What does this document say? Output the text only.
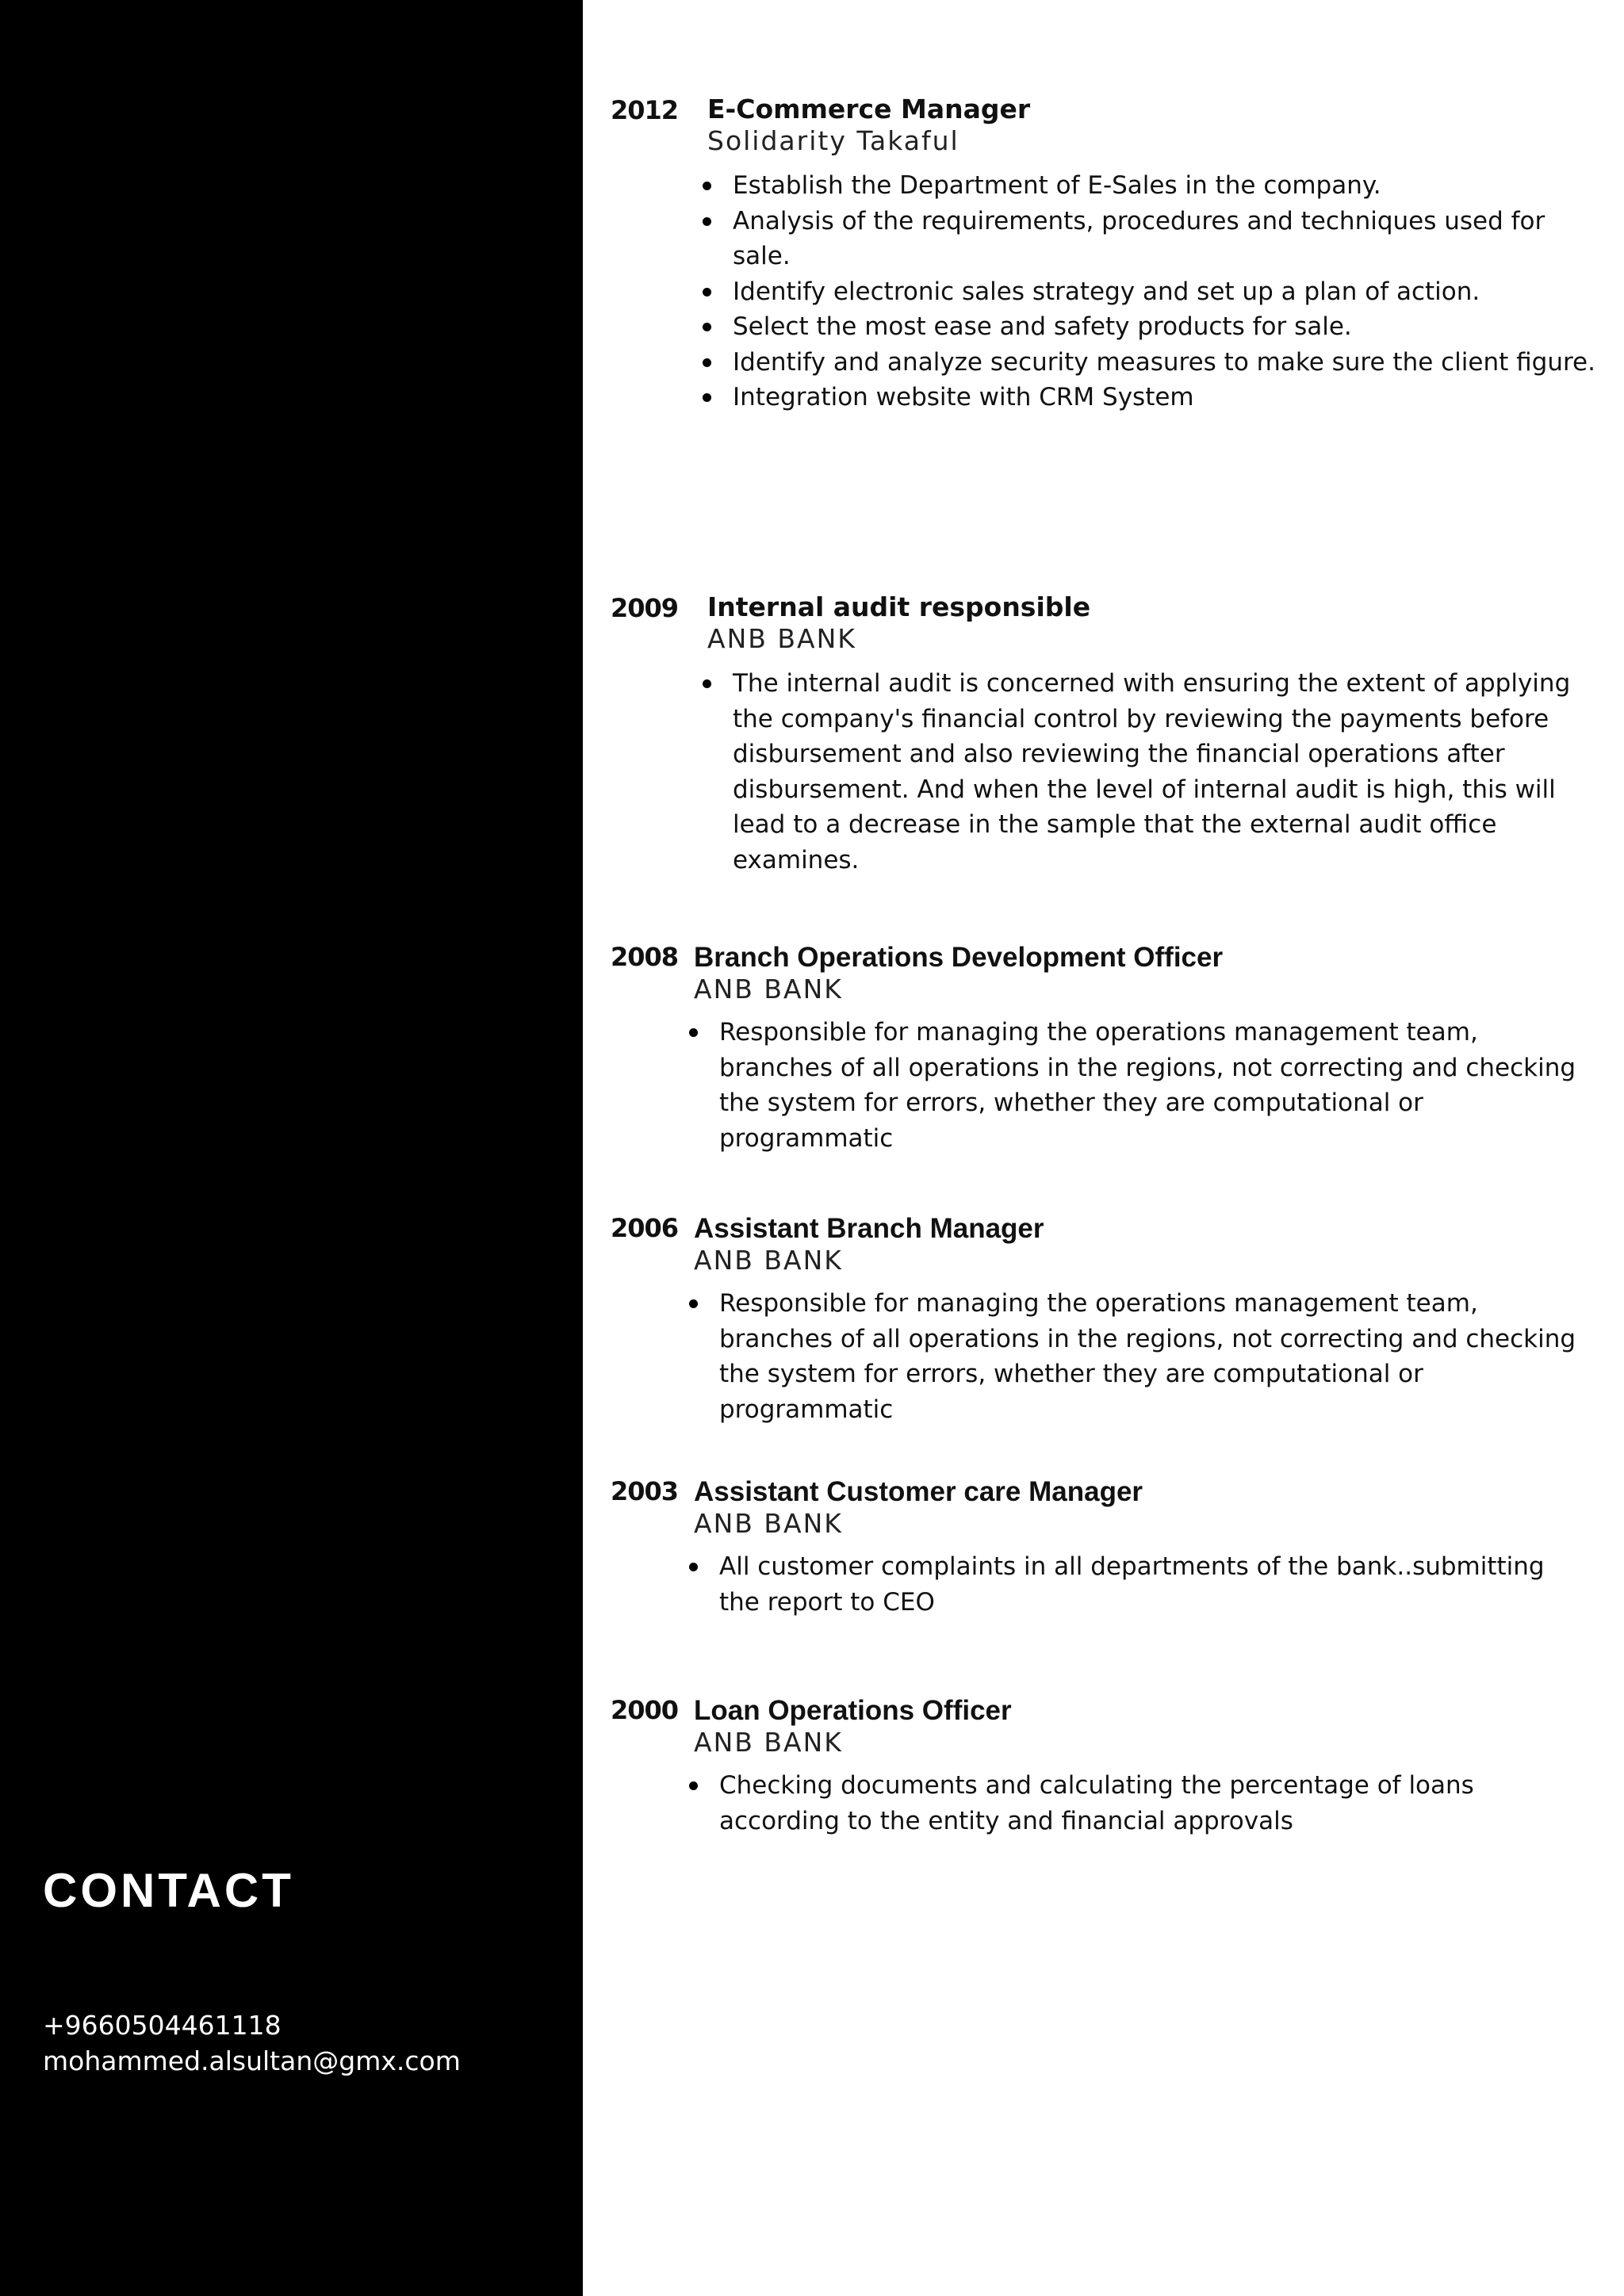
CONTACT
+9660504461118
mohammed.alsultan@gmx.com
2012 E-Commerce Manager
Solidarity Takaful
Establish the Department of E-Sales in the company.
Analysis of the requirements, procedures and techniques used for sale.
Identify electronic sales strategy and set up a plan of action.
Select the most ease and safety products for sale.
Identify and analyze security measures to make sure the client figure.
Integration website with CRM System
2009 Internal audit responsible
ANB BANK
The internal audit is concerned with ensuring the extent of applying the company's financial control by reviewing the payments before disbursement and also reviewing the financial operations after disbursement. And when the level of internal audit is high, this will lead to a decrease in the sample that the external audit office examines.
2008 Branch Operations Development Officer
ANB BANK
Responsible for managing the operations management team, branches of all operations in the regions, not correcting and checking the system for errors, whether they are computational or programmatic
2006 Assistant Branch Manager
ANB BANK
Responsible for managing the operations management team, branches of all operations in the regions, not correcting and checking the system for errors, whether they are computational or programmatic
2003 Assistant Customer care Manager
ANB BANK
All customer complaints in all departments of the bank..submitting the report to CEO
2000 Loan Operations Officer
ANB BANK
Checking documents and calculating the percentage of loans according to the entity and financial approvals
